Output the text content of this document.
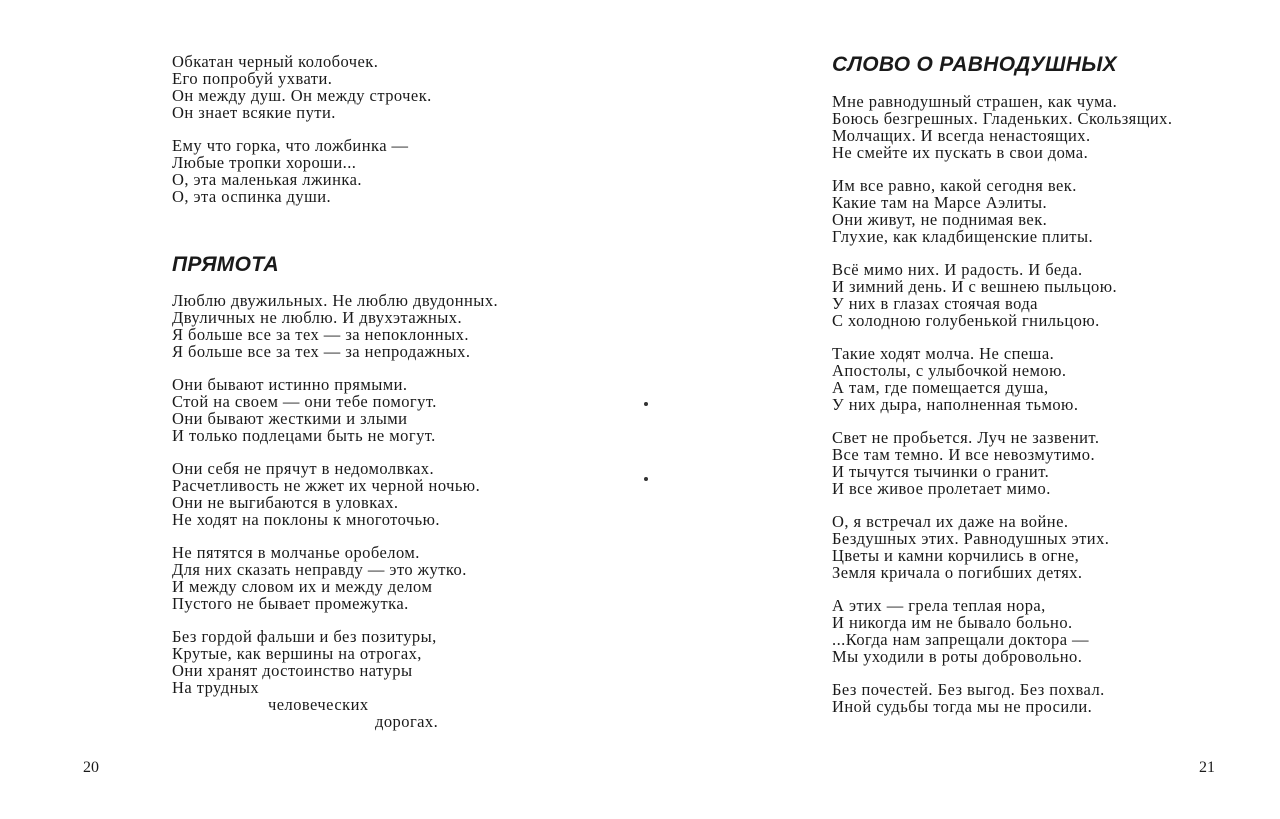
Обкатан черный колобочек.
Его попробуй ухвати.
Он между душ. Он между строчек.
Он знает всякие пути.
Ему что горка, что ложбинка —
Любые тропки хороши...
О, эта маленькая лжинка.
О, эта оспинка души.
ПРЯМОТА
Люблю двужильных. Не люблю двудонных.
Двуличных не люблю. И двухэтажных.
Я больше все за тех — за непоклонных.
Я больше все за тех — за непродажных.
Они бывают истинно прямыми.
Стой на своем — они тебе помогут.
Они бывают жесткими и злыми
И только подлецами быть не могут.
Они себя не прячут в недомолвках.
Расчетливость не жжет их черной ночью.
Они не выгибаются в уловках.
Не ходят на поклоны к многоточью.
Не пятятся в молчанье оробелом.
Для них сказать неправду — это жутко.
И между словом их и между делом
Пустого не бывает промежутка.
Без гордой фальши и без позитуры,
Крутые, как вершины на отрогах,
Они хранят достоинство натуры
На трудных
человеческих
дорогах.
СЛОВО О РАВНОДУШНЫХ
Мне равнодушный страшен, как чума.
Боюсь безгрешных. Гладеньких. Скользящих.
Молчащих. И всегда ненастоящих.
Не смейте их пускать в свои дома.
Им все равно, какой сегодня век.
Какие там на Марсе Аэлиты.
Они живут, не поднимая век.
Глухие, как кладбищенские плиты.
Всё мимо них. И радость. И беда.
И зимний день. И с вешнею пыльцою.
У них в глазах стоячая вода
С холодною голубенькой гнильцою.
Такие ходят молча. Не спеша.
Апостолы, с улыбочкой немою.
А там, где помещается душа,
У них дыра, наполненная тьмою.
Свет не пробьется. Луч не зазвенит.
Все там темно. И все невозмутимо.
И тычутся тычинки о гранит.
И все живое пролетает мимо.
О, я встречал их даже на войне.
Бездушных этих. Равнодушных этих.
Цветы и камни корчились в огне,
Земля кричала о погибших детях.
А этих — грела теплая нора,
И никогда им не бывало больно.
...Когда нам запрещали доктора —
Мы уходили в роты добровольно.
Без почестей. Без выгод. Без похвал.
Иной судьбы тогда мы не просили.
20	21
